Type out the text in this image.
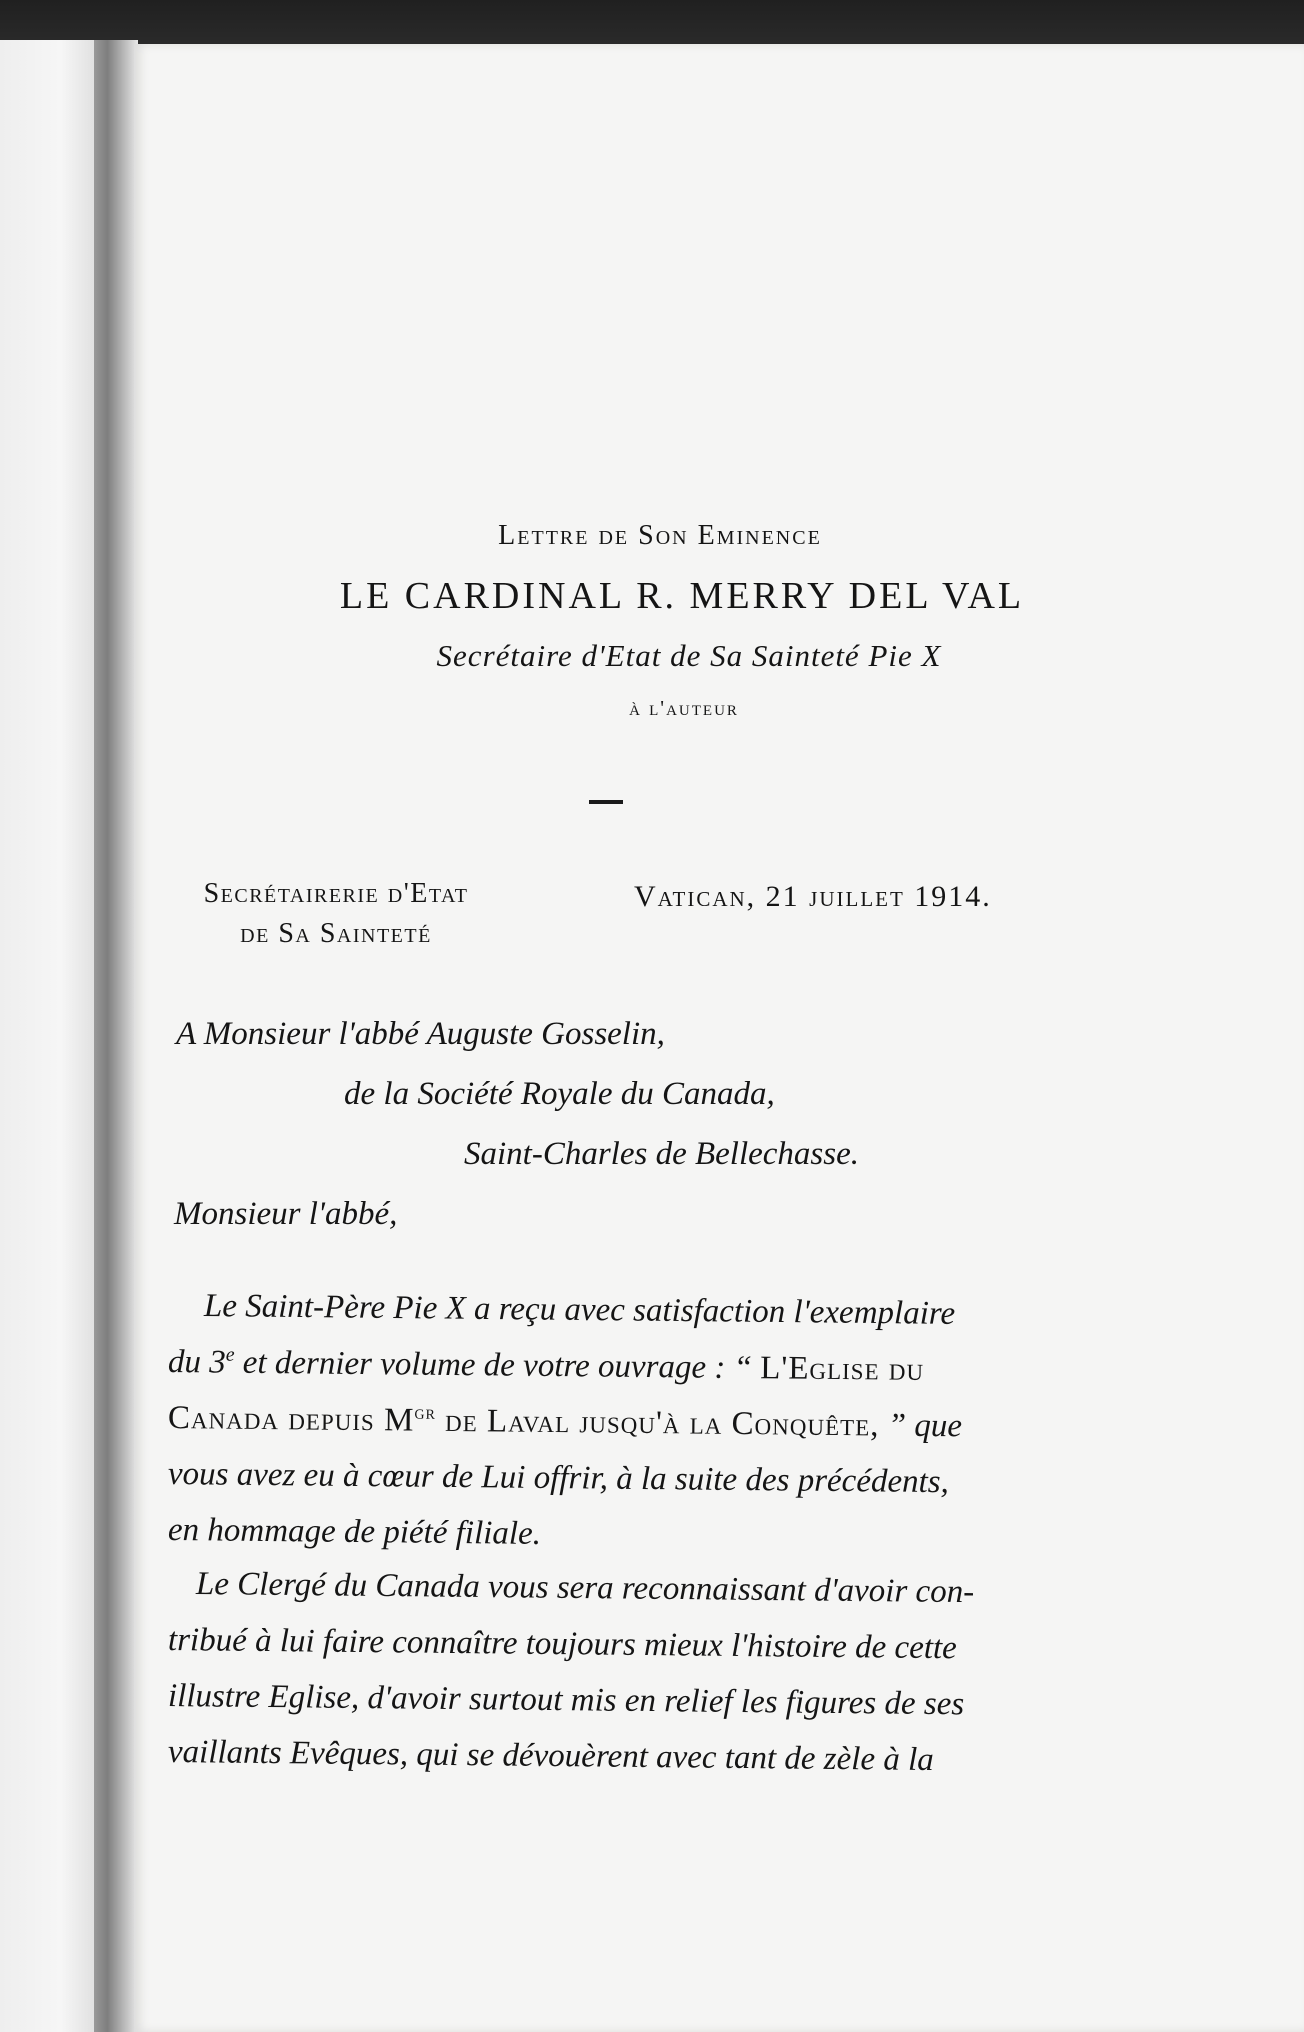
Lettre de Son Eminence
LE CARDINAL R. MERRY DEL VAL
Secrétaire d'Etat de Sa Sainteté Pie X
à l'auteur
Secrétairerie d'Etat
de Sa Sainteté
Vatican, 21 juillet 1914.
A Monsieur l'abbé Auguste Gosselin,
de la Société Royale du Canada,
Saint-Charles de Bellechasse.
Monsieur l'abbé,
Le Saint-Père Pie X a reçu avec satisfaction l'exemplaire
du 3e et dernier volume de votre ouvrage : “ L'Eglise du
Canada depuis $M^{gr}$ de Laval jusqu'à la Conquête, ” que
vous avez eu à cœur de Lui offrir, à la suite des précédents,
en hommage de piété filiale.
Le Clergé du Canada vous sera reconnaissant d'avoir con-
tribué à lui faire connaître toujours mieux l'histoire de cette
illustre Eglise, d'avoir surtout mis en relief les figures de ses
vaillants Evêques, qui se dévouèrent avec tant de zèle à la
